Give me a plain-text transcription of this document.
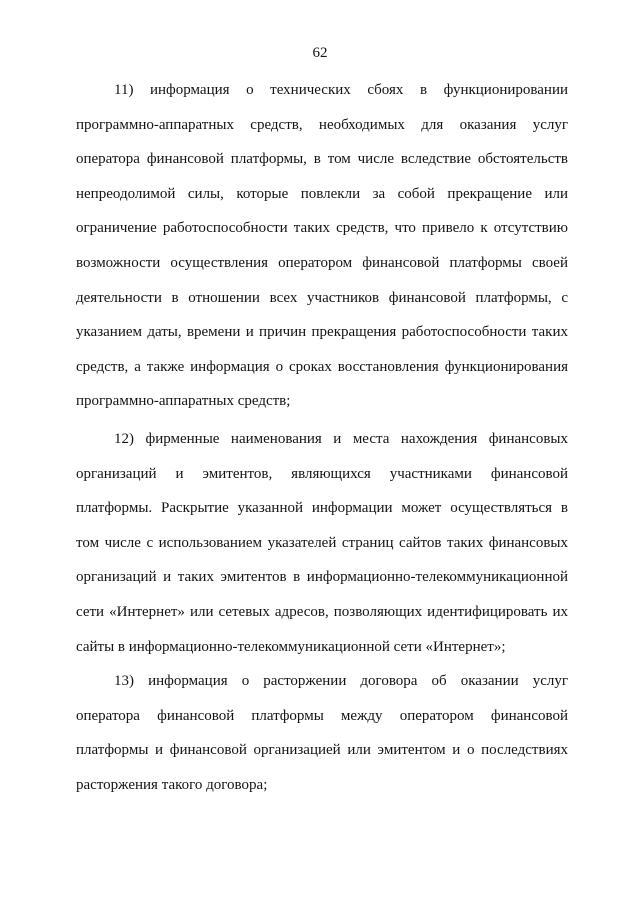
62
11) информация о технических сбоях в функционировании
программно-аппаратных средств, необходимых для оказания услуг
оператора финансовой платформы, в том числе вследствие обстоятельств
непреодолимой силы, которые повлекли за собой прекращение или
ограничение работоспособности таких средств, что привело к отсутствию
возможности осуществления оператором финансовой платформы своей
деятельности в отношении всех участников финансовой платформы, с
указанием даты, времени и причин прекращения работоспособности таких
средств, а также информация о сроках восстановления функционирования
программно-аппаратных средств;
12) фирменные наименования и места нахождения финансовых
организаций и эмитентов, являющихся участниками финансовой
платформы. Раскрытие указанной информации может осуществляться в
том числе с использованием указателей страниц сайтов таких финансовых
организаций и таких эмитентов в информационно-телекоммуникационной
сети «Интернет» или сетевых адресов, позволяющих идентифицировать их
сайты в информационно-телекоммуникационной сети «Интернет»;
13) информация о расторжении договора об оказании услуг
оператора финансовой платформы между оператором финансовой
платформы и финансовой организацией или эмитентом и о последствиях
расторжения такого договора;
